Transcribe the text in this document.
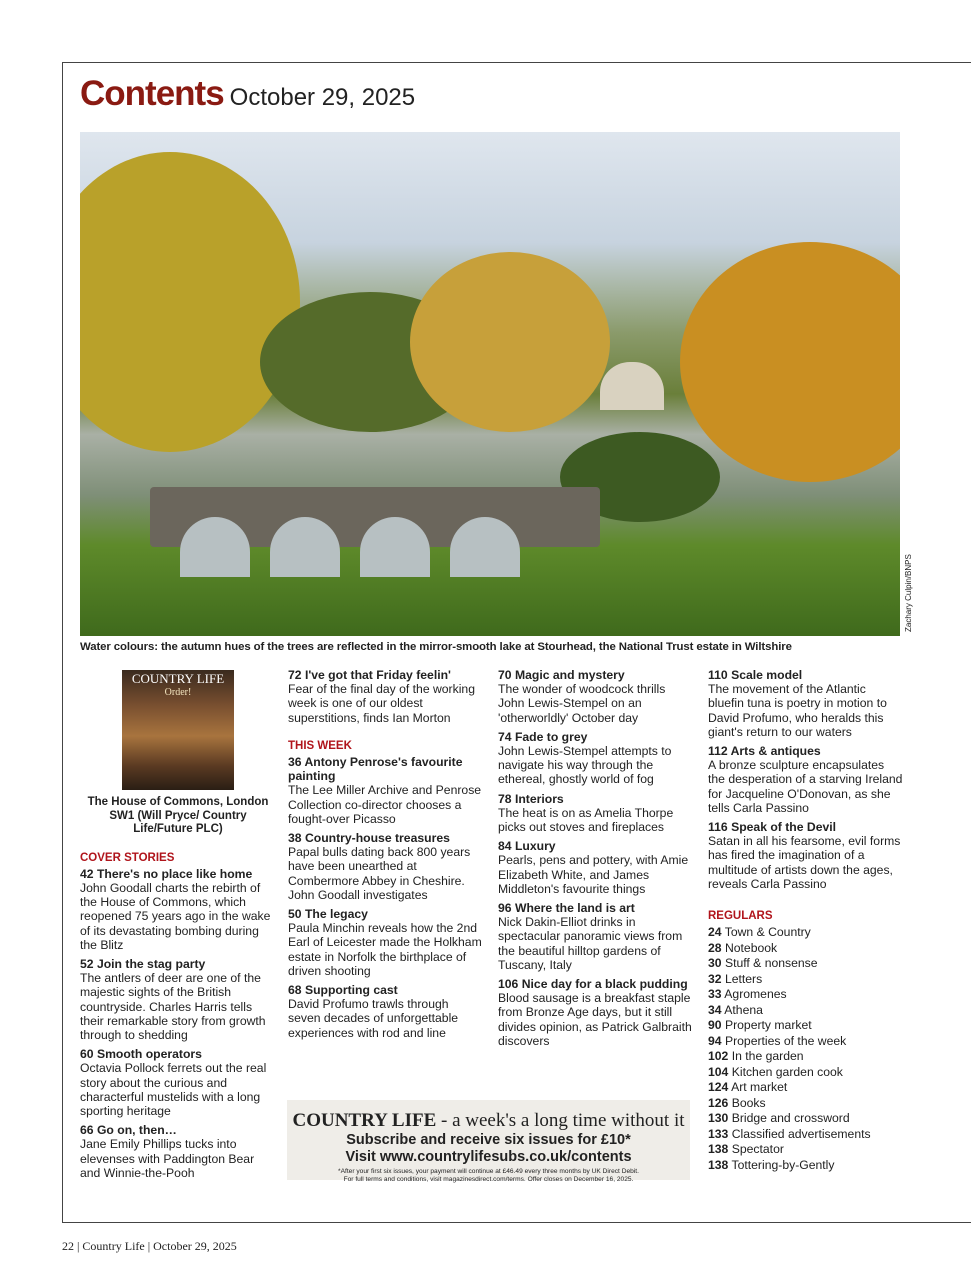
Contents October 29, 2025
Zachary Culpin/BNPS
Water colours: the autumn hues of the trees are reflected in the mirror-smooth lake at Stourhead, the National Trust estate in Wiltshire
COUNTRY LIFE
Order!
The House of Commons, London SW1 (Will Pryce/ Country Life/Future PLC)
COVER STORIES
42 There's no place like home
John Goodall charts the rebirth of the House of Commons, which reopened 75 years ago in the wake of its devastating bombing during the Blitz
52 Join the stag party
The antlers of deer are one of the majestic sights of the British countryside. Charles Harris tells their remarkable story from growth through to shedding
60 Smooth operators
Octavia Pollock ferrets out the real story about the curious and characterful mustelids with a long sporting heritage
66 Go on, then…
Jane Emily Phillips tucks into elevenses with Paddington Bear and Winnie-the-Pooh
72 I've got that Friday feelin'
Fear of the final day of the working week is one of our oldest superstitions, finds Ian Morton
THIS WEEK
36 Antony Penrose's favourite painting
The Lee Miller Archive and Penrose Collection co-director chooses a fought-over Picasso
38 Country-house treasures
Papal bulls dating back 800 years have been unearthed at Combermore Abbey in Cheshire. John Goodall investigates
50 The legacy
Paula Minchin reveals how the 2nd Earl of Leicester made the Holkham estate in Norfolk the birthplace of driven shooting
68 Supporting cast
David Profumo trawls through seven decades of unforgettable experiences with rod and line
70 Magic and mystery
The wonder of woodcock thrills John Lewis-Stempel on an 'otherworldly' October day
74 Fade to grey
John Lewis-Stempel attempts to navigate his way through the ethereal, ghostly world of fog
78 Interiors
The heat is on as Amelia Thorpe picks out stoves and fireplaces
84 Luxury
Pearls, pens and pottery, with Amie Elizabeth White, and James Middleton's favourite things
96 Where the land is art
Nick Dakin-Elliot drinks in spectacular panoramic views from the beautiful hilltop gardens of Tuscany, Italy
106 Nice day for a black pudding
Blood sausage is a breakfast staple from Bronze Age days, but it still divides opinion, as Patrick Galbraith discovers
110 Scale model
The movement of the Atlantic bluefin tuna is poetry in motion to David Profumo, who heralds this giant's return to our waters
112 Arts & antiques
A bronze sculpture encapsulates the desperation of a starving Ireland for Jacqueline O'Donovan, as she tells Carla Passino
116 Speak of the Devil
Satan in all his fearsome, evil forms has fired the imagination of a multitude of artists down the ages, reveals Carla Passino
REGULARS
24 Town & Country
28 Notebook
30 Stuff & nonsense
32 Letters
33 Agromenes
34 Athena
90 Property market
94 Properties of the week
102 In the garden
104 Kitchen garden cook
124 Art market
126 Books
130 Bridge and crossword
133 Classified advertisements
138 Spectator
138 Tottering-by-Gently
COUNTRY LIFE - a week's a long time without it
Subscribe and receive six issues for £10*
Visit www.countrylifesubs.co.uk/contents
*After your first six issues, your payment will continue at £46.49 every three months by UK Direct Debit.
For full terms and conditions, visit magazinesdirect.com/terms. Offer closes on December 16, 2025.
22 | Country Life | October 29, 2025
